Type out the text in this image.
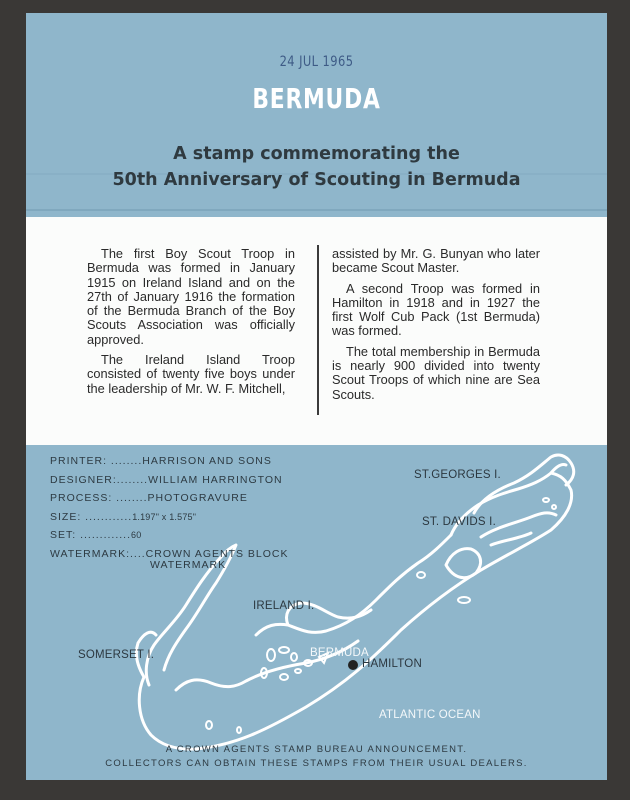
24 JUL 1965
BERMUDA
A stamp commemorating the
50th Anniversary of Scouting in Bermuda

The first Boy Scout Troop in Bermuda was formed in January 1915 on Ireland Island and on the 27th of January 1916 the formation of the Bermuda Branch of the Boy Scouts Association was officially approved.

The Ireland Island Troop consisted of twenty five boys under the leadership of Mr. W. F. Mitchell,

assisted by Mr. G. Bunyan who later became Scout Master.

A second Troop was formed in Hamilton in 1918 and in 1927 the first Wolf Cub Pack (1st Bermuda) was formed.

The total membership in Bermuda is nearly 900 divided into twenty Scout Troops of which nine are Sea Scouts.

ST.GEORGES I.
ST. DAVIDS I.
IRELAND I.
SOMERSET I.	BERMUDA
HAMILTON
ATLANTIC OCEAN
PRINTER: ........HARRISON AND SONS
DESIGNER:........WILLIAM HARRINGTON
PROCESS: ........PHOTOGRAVURE
SIZE: ............1.197" x 1.575"
SET: .............60
WATERMARK:....CROWN AGENTS BLOCK
WATERMARK
A CROWN AGENTS STAMP BUREAU ANNOUNCEMENT.
COLLECTORS CAN OBTAIN THESE STAMPS FROM THEIR USUAL DEALERS.
